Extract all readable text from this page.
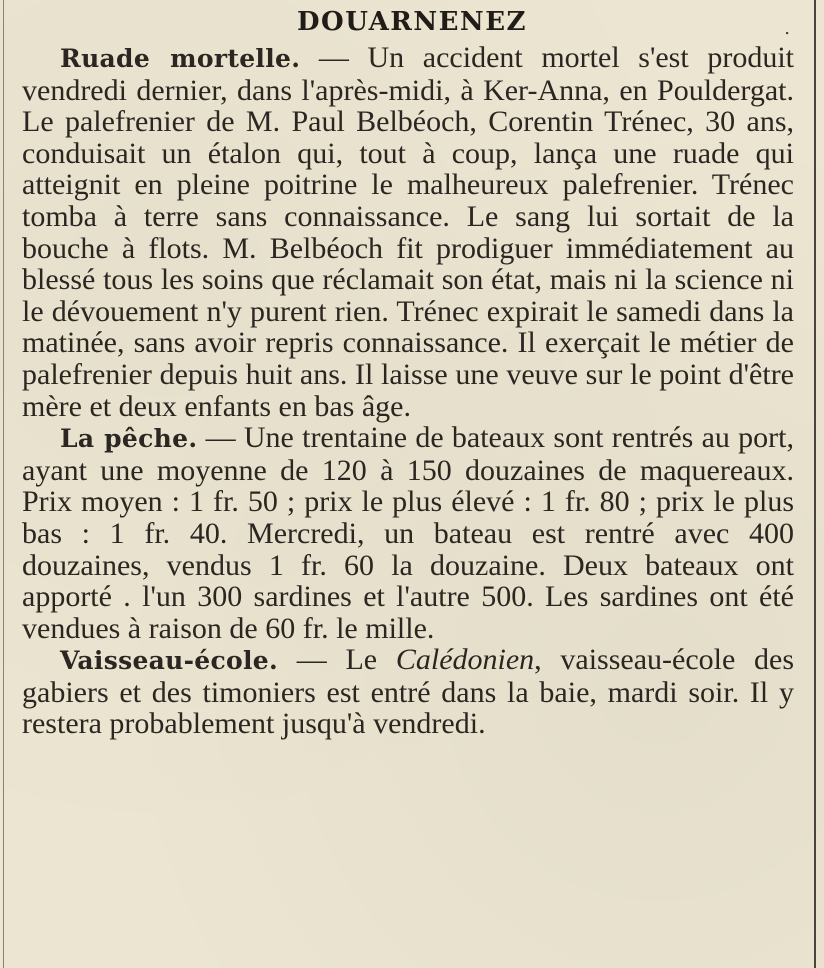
.
DOUARNENEZ

Ruade mortelle. — Un accident mortel s'est produit vendredi dernier, dans l'après-midi, à Ker-Anna, en Pouldergat. Le palefrenier de M. Paul Belbéoch, Corentin Trénec, 30 ans, conduisait un étalon qui, tout à coup, lança une ruade qui atteignit en pleine poitrine le malheureux palefrenier. Trénec tomba à terre sans connaissance. Le sang lui sortait de la bouche à flots. M. Belbéoch fit prodiguer immédiatement au blessé tous les soins que réclamait son état, mais ni la science ni le dévouement n'y purent rien. Trénec expirait le samedi dans la matinée, sans avoir repris connaissance. Il exerçait le métier de palefrenier depuis huit ans. Il laisse une veuve sur le point d'être mère et deux enfants en bas âge.

La pêche. — Une trentaine de bateaux sont rentrés au port, ayant une moyenne de 120 à 150 douzaines de maquereaux. Prix moyen : 1 fr. 50 ; prix le plus élevé : 1 fr. 80 ; prix le plus bas : 1 fr. 40. Mercredi, un bateau est rentré avec 400 douzaines, vendus 1 fr. 60 la douzaine. Deux bateaux ont apporté . l'un 300 sardines et l'autre 500. Les sardines ont été vendues à raison de 60 fr. le mille.

Vaisseau-école. — Le Calédonien, vaisseau-école des gabiers et des timoniers est entré dans la baie, mardi soir. Il y restera probablement jusqu'à vendredi.
